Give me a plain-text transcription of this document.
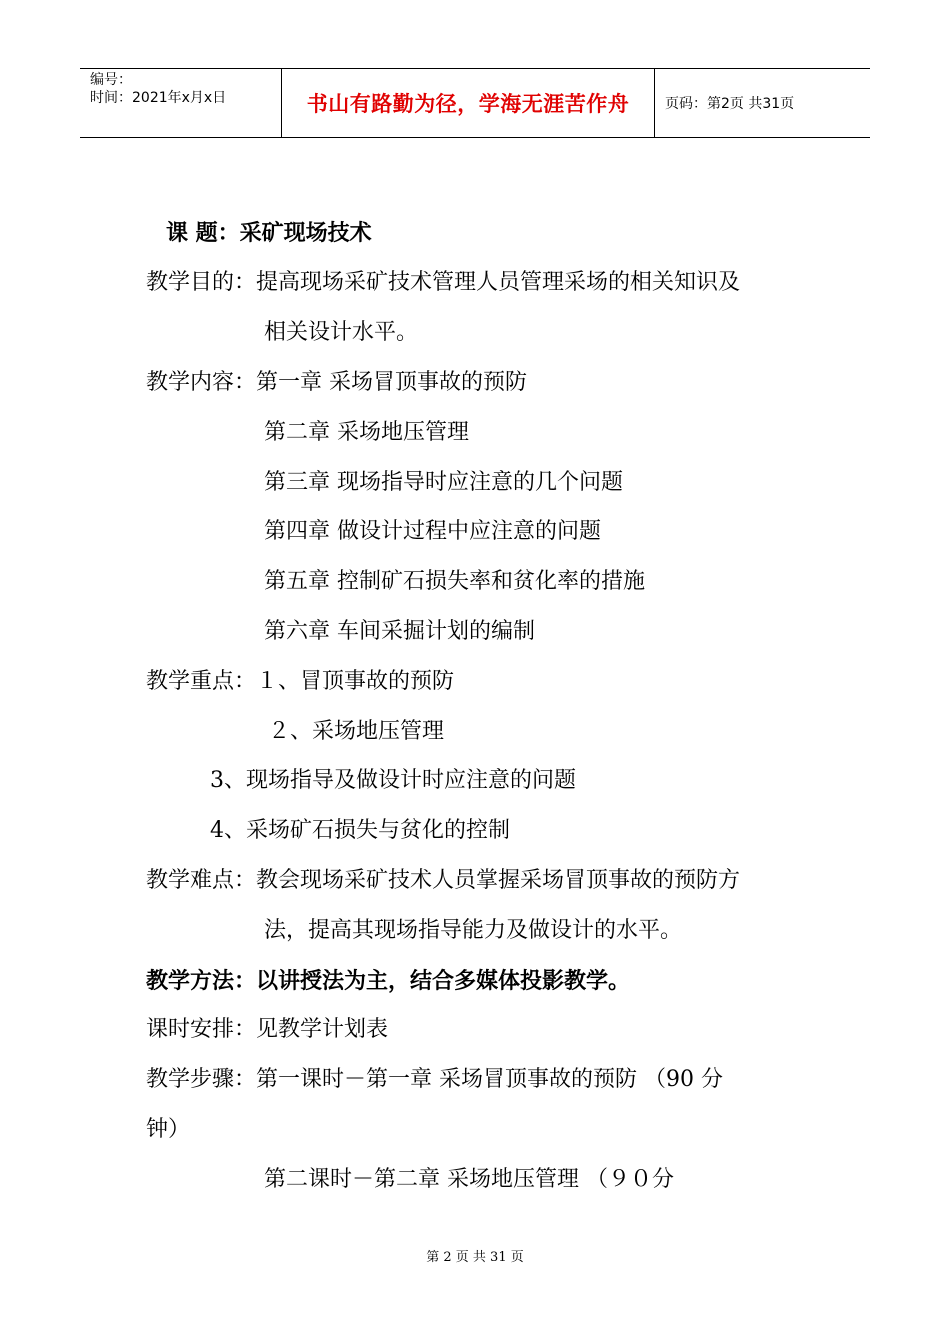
编号：
时间：2021年x月x日	书山有路勤为径，学海无涯苦作舟	页码：第2页 共31页
课 题：采矿现场技术
教学目的：提高现场采矿技术管理人员管理采场的相关知识及
相关设计水平。
教学内容：第一章 采场冒顶事故的预防
第二章 采场地压管理
第三章 现场指导时应注意的几个问题
第四章 做设计过程中应注意的问题
第五章 控制矿石损失率和贫化率的措施
第六章 车间采掘计划的编制
教学重点：１、冒顶事故的预防
２、采场地压管理
3、现场指导及做设计时应注意的问题
4、采场矿石损失与贫化的控制
教学难点：教会现场采矿技术人员掌握采场冒顶事故的预防方
法，提高其现场指导能力及做设计的水平。
教学方法：以讲授法为主，结合多媒体投影教学。
课时安排：见教学计划表
教学步骤：第一课时－第一章 采场冒顶事故的预防 （90 分
钟）
第二课时－第二章 采场地压管理 （９０分
第 2 页 共 31 页
